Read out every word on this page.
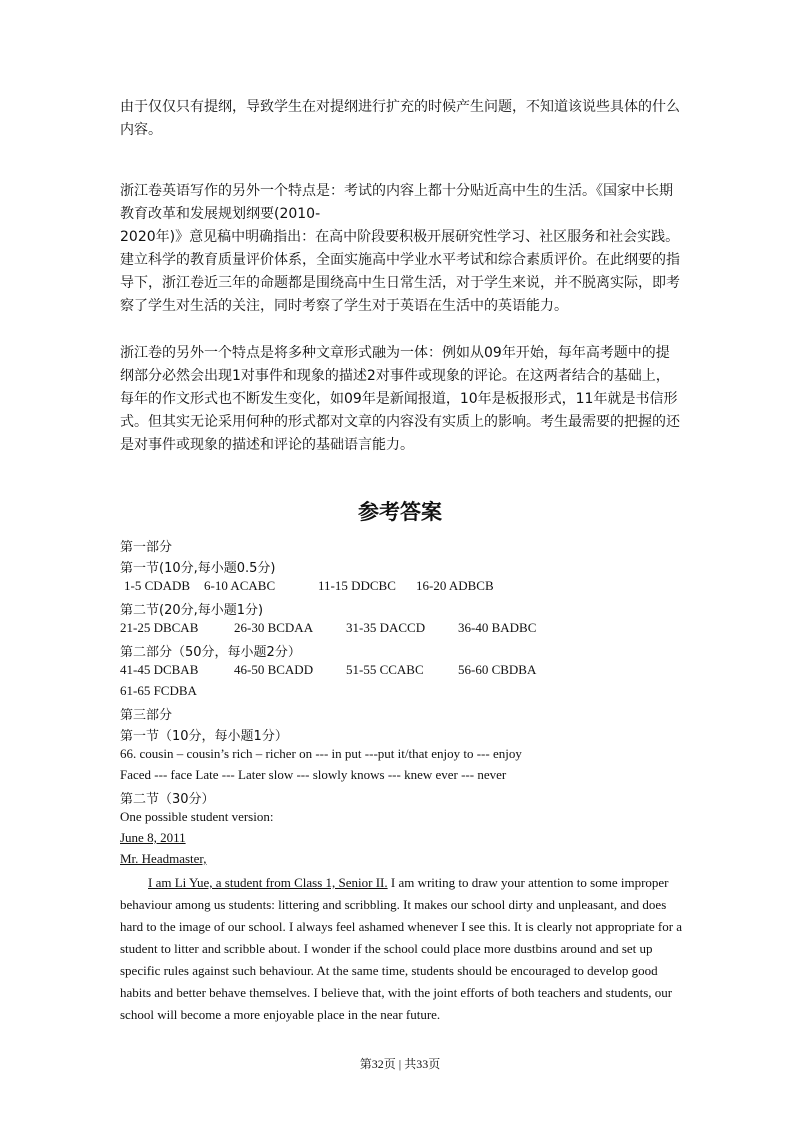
由于仅仅只有提纲，导致学生在对提纲进行扩充的时候产生问题，不知道该说些具体的什么内容。

浙江卷英语写作的另外一个特点是：考试的内容上都十分贴近高中生的生活。《国家中长期教育改革和发展规划纲要(2010-
2020年)》意见稿中明确指出：在高中阶段要积极开展研究性学习、社区服务和社会实践。建立科学的教育质量评价体系，全面实施高中学业水平考试和综合素质评价。在此纲要的指导下，浙江卷近三年的命题都是围绕高中生日常生活，对于学生来说，并不脱离实际，即考察了学生对生活的关注，同时考察了学生对于英语在生活中的英语能力。

浙江卷的另外一个特点是将多种文章形式融为一体：例如从09年开始，每年高考题中的提纲部分必然会出现1对事件和现象的描述2对事件或现象的评论。在这两者结合的基础上，每年的作文形式也不断发生变化，如09年是新闻报道，10年是板报形式，11年就是书信形式。但其实无论采用何种的形式都对文章的内容没有实质上的影响。考生最需要的把握的还是对事件或现象的描述和评论的基础语言能力。

参考答案
第一部分
第一节(10分,每小题0.5分)
1-5 CDADB 6-10 ACABC	11-15 DDCBC 16-20 ADBCB
第二节(20分,每小题1分)
21-25 DBCAB	26-30 BCDAA	31-35 DACCD	36-40 BADBC
第二部分（50分，每小题2分）
41-45 DCBAB	46-50 BCADD	51-55 CCABC	56-60 CBDBA
61-65 FCDBA
第三部分
第一节（10分，每小题1分）
66. cousin – cousin’s rich – richer on --- in put ---put it/that enjoy to --- enjoy
Faced --- face Late --- Later slow --- slowly knows --- knew ever --- never
第二节（30分）
One possible student version:
June 8, 2011
Mr. Headmaster,

I am Li Yue, a student from Class 1, Senior II. I am writing to draw your attention to some improper behaviour among us students: littering and scribbling. It makes our school dirty and unpleasant, and does hard to the image of our school. I always feel ashamed whenever I see this. It is clearly not appropriate for a student to litter and scribble about. I wonder if the school could place more dustbins around and set up specific rules against such behaviour. At the same time, students should be encouraged to develop good habits and better behave themselves. I believe that, with the joint efforts of both teachers and students, our school will become a more enjoyable place in the near future.

第32页 | 共33页
